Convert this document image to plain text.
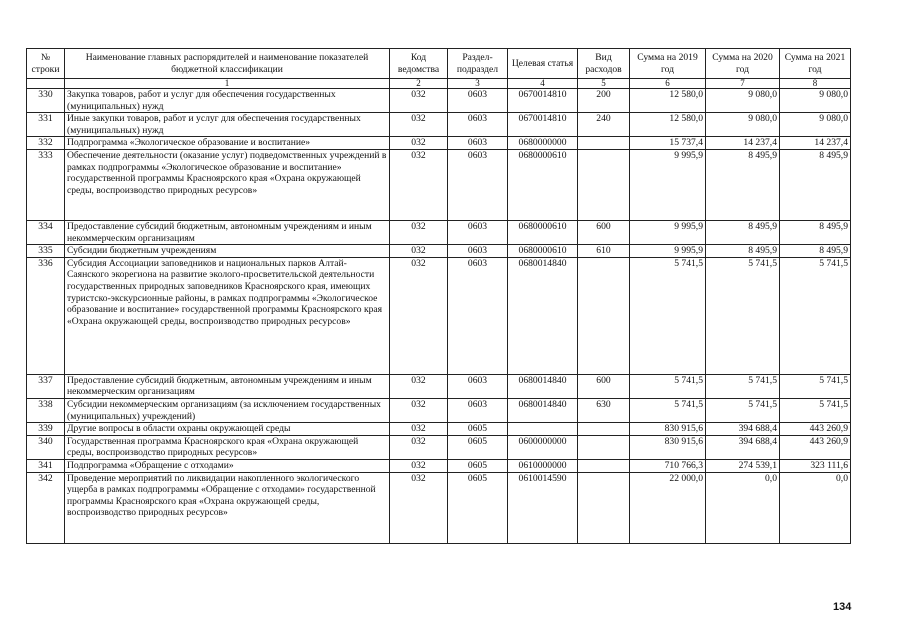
№ строки	Наименование главных распорядителей и наименование показателей бюджетной классификации	Код ведомства	Раздел-подраздел	Целевая статья	Вид расходов	Сумма на 2019 год	Сумма на 2020 год	Сумма на 2021 год
	1	2	3	4	5	6	7	8
330	Закупка товаров, работ и услуг для обеспечения государственных (муниципальных) нужд	032	0603	0670014810	200	12 580,0	9 080,0	9 080,0
331	Иные закупки товаров, работ и услуг для обеспечения государственных (муниципальных) нужд	032	0603	0670014810	240	12 580,0	9 080,0	9 080,0
332	Подпрограмма «Экологическое образование и воспитание»	032	0603	0680000000		15 737,4	14 237,4	14 237,4
333	Обеспечение деятельности (оказание услуг) подведомственных учреждений в рамках подпрограммы «Экологическое образование и воспитание» государственной программы Красноярского края «Охрана окружающей среды, воспроизводство природных ресурсов»	032	0603	0680000610		9 995,9	8 495,9	8 495,9
334	Предоставление субсидий бюджетным, автономным учреждениям и иным некоммерческим организациям	032	0603	0680000610	600	9 995,9	8 495,9	8 495,9
335	Субсидии бюджетным учреждениям	032	0603	0680000610	610	9 995,9	8 495,9	8 495,9
336	Субсидия Ассоциации заповедников и национальных парков Алтай-Саянского экорегиона на развитие эколого-просветительской деятельности государственных природных заповедников Красноярского края, имеющих туристско-экскурсионные районы, в рамках подпрограммы «Экологическое образование и воспитание» государственной программы Красноярского края «Охрана окружающей среды, воспроизводство природных ресурсов»	032	0603	0680014840		5 741,5	5 741,5	5 741,5
337	Предоставление субсидий бюджетным, автономным учреждениям и иным некоммерческим организациям	032	0603	0680014840	600	5 741,5	5 741,5	5 741,5
338	Субсидии некоммерческим организациям (за исключением государственных (муниципальных) учреждений)	032	0603	0680014840	630	5 741,5	5 741,5	5 741,5
339	Другие вопросы в области охраны окружающей среды	032	0605			830 915,6	394 688,4	443 260,9
340	Государственная программа Красноярского края «Охрана окружающей среды, воспроизводство природных ресурсов»	032	0605	0600000000		830 915,6	394 688,4	443 260,9
341	Подпрограмма «Обращение с отходами»	032	0605	0610000000		710 766,3	274 539,1	323 111,6
342	Проведение мероприятий по ликвидации накопленного экологического ущерба в рамках подпрограммы «Обращение с отходами» государственной программы Красноярского края «Охрана окружающей среды, воспроизводство природных ресурсов»	032	0605	0610014590		22 000,0	0,0	0,0
134
